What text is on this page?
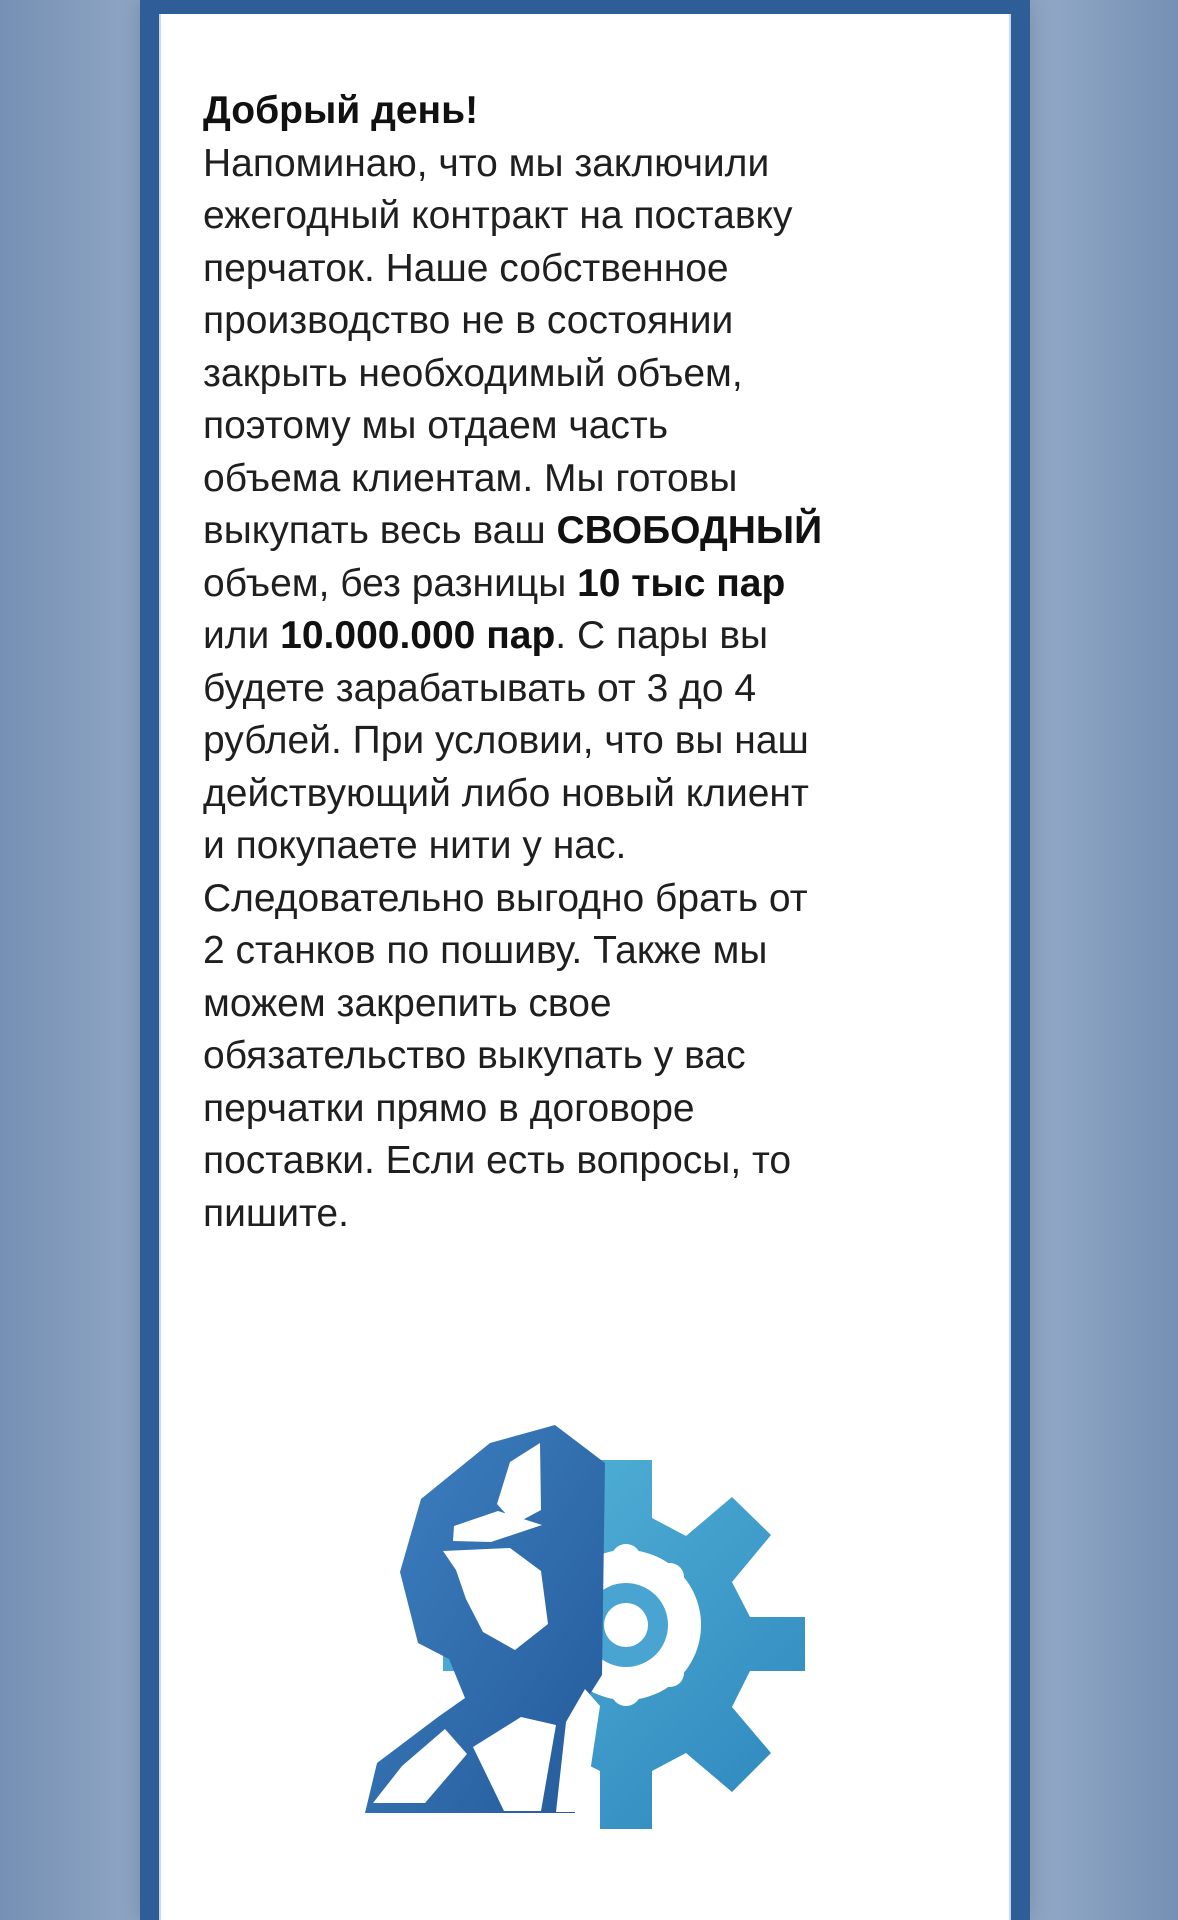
Добрый день!
Напоминаю, что мы заключили
ежегодный контракт на поставку
перчаток. Наше собственное
производство не в состоянии
закрыть необходимый объем,
поэтому мы отдаем часть
объема клиентам. Мы готовы
выкупать весь ваш СВОБОДНЫЙ
объем, без разницы 10 тыс пар
или 10.000.000 пар. С пары вы
будете зарабатывать от 3 до 4
рублей. При условии, что вы наш
действующий либо новый клиент
и покупаете нити у нас.
Следовательно выгодно брать от
2 станков по пошиву. Также мы
можем закрепить свое
обязательство выкупать у вас
перчатки прямо в договоре
поставки. Если есть вопросы, то
пишите.
